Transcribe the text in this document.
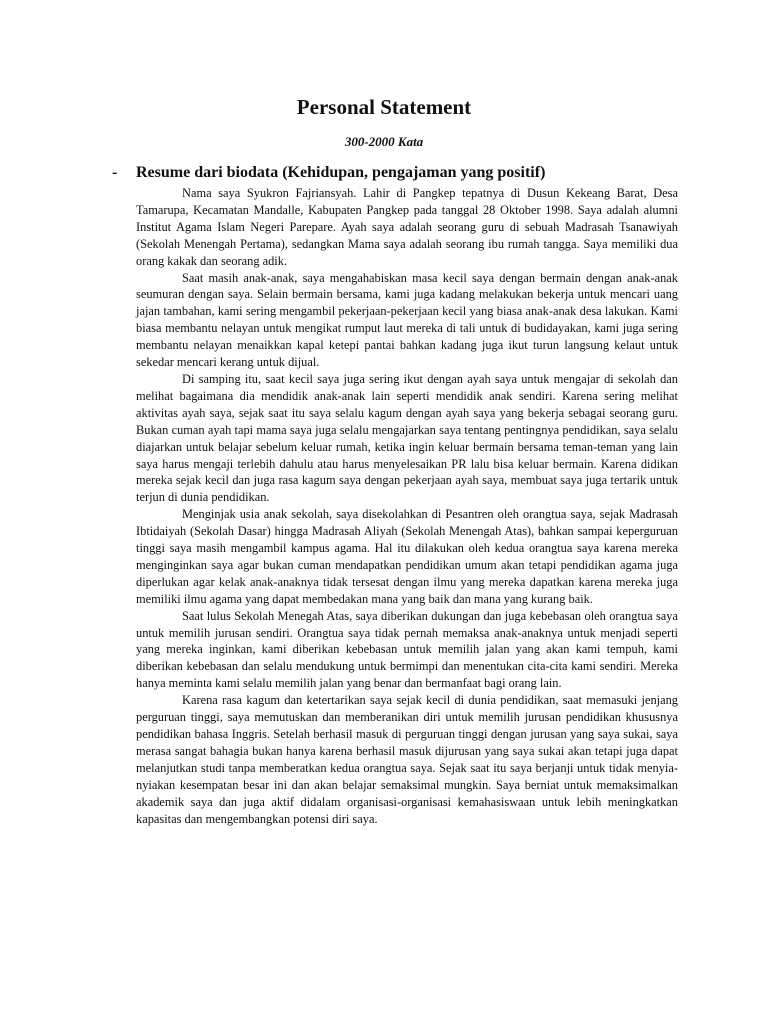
Personal Statement
300-2000 Kata
- Resume dari biodata (Kehidupan, pengajaman yang positif)

Nama saya Syukron Fajriansyah. Lahir di Pangkep tepatnya di Dusun Kekeang Barat, Desa Tamarupa, Kecamatan Mandalle, Kabupaten Pangkep pada tanggal 28 Oktober 1998. Saya adalah alumni Institut Agama Islam Negeri Parepare. Ayah saya adalah seorang guru di sebuah Madrasah Tsanawiyah (Sekolah Menengah Pertama), sedangkan Mama saya adalah seorang ibu rumah tangga. Saya memiliki dua orang kakak dan seorang adik.

Saat masih anak-anak, saya mengahabiskan masa kecil saya dengan bermain dengan anak-anak seumuran dengan saya. Selain bermain bersama, kami juga kadang melakukan bekerja untuk mencari uang jajan tambahan, kami sering mengambil pekerjaan-pekerjaan kecil yang biasa anak-anak desa lakukan. Kami biasa membantu nelayan untuk mengikat rumput laut mereka di tali untuk di budidayakan, kami juga sering membantu nelayan menaikkan kapal ketepi pantai bahkan kadang juga ikut turun langsung kelaut untuk sekedar mencari kerang untuk dijual.

Di samping itu, saat kecil saya juga sering ikut dengan ayah saya untuk mengajar di sekolah dan melihat bagaimana dia mendidik anak-anak lain seperti mendidik anak sendiri. Karena sering melihat aktivitas ayah saya, sejak saat itu saya selalu kagum dengan ayah saya yang bekerja sebagai seorang guru. Bukan cuman ayah tapi mama saya juga selalu mengajarkan saya tentang pentingnya pendidikan, saya selalu diajarkan untuk belajar sebelum keluar rumah, ketika ingin keluar bermain bersama teman-teman yang lain saya harus mengaji terlebih dahulu atau harus menyelesaikan PR lalu bisa keluar bermain. Karena didikan mereka sejak kecil dan juga rasa kagum saya dengan pekerjaan ayah saya, membuat saya juga tertarik untuk terjun di dunia pendidikan.

Menginjak usia anak sekolah, saya disekolahkan di Pesantren oleh orangtua saya, sejak Madrasah Ibtidaiyah (Sekolah Dasar) hingga Madrasah Aliyah (Sekolah Menengah Atas), bahkan sampai keperguruan tinggi saya masih mengambil kampus agama. Hal itu dilakukan oleh kedua orangtua saya karena mereka menginginkan saya agar bukan cuman mendapatkan pendidikan umum akan tetapi pendidikan agama juga diperlukan agar kelak anak-anaknya tidak tersesat dengan ilmu yang mereka dapatkan karena mereka juga memiliki ilmu agama yang dapat membedakan mana yang baik dan mana yang kurang baik.

Saat lulus Sekolah Menegah Atas, saya diberikan dukungan dan juga kebebasan oleh orangtua saya untuk memilih jurusan sendiri. Orangtua saya tidak pernah memaksa anak-anaknya untuk menjadi seperti yang mereka inginkan, kami diberikan kebebasan untuk memilih jalan yang akan kami tempuh, kami diberikan kebebasan dan selalu mendukung untuk bermimpi dan menentukan cita-cita kami sendiri. Mereka hanya meminta kami selalu memilih jalan yang benar dan bermanfaat bagi orang lain.

Karena rasa kagum dan ketertarikan saya sejak kecil di dunia pendidikan, saat memasuki jenjang perguruan tinggi, saya memutuskan dan memberanikan diri untuk memilih jurusan pendidikan khususnya pendidikan bahasa Inggris. Setelah berhasil masuk di perguruan tinggi dengan jurusan yang saya sukai, saya merasa sangat bahagia bukan hanya karena berhasil masuk dijurusan yang saya sukai akan tetapi juga dapat melanjutkan studi tanpa memberatkan kedua orangtua saya. Sejak saat itu saya berjanji untuk tidak menyia-nyiakan kesempatan besar ini dan akan belajar semaksimal mungkin. Saya berniat untuk memaksimalkan akademik saya dan juga aktif didalam organisasi-organisasi kemahasiswaan untuk lebih meningkatkan kapasitas dan mengembangkan potensi diri saya.
